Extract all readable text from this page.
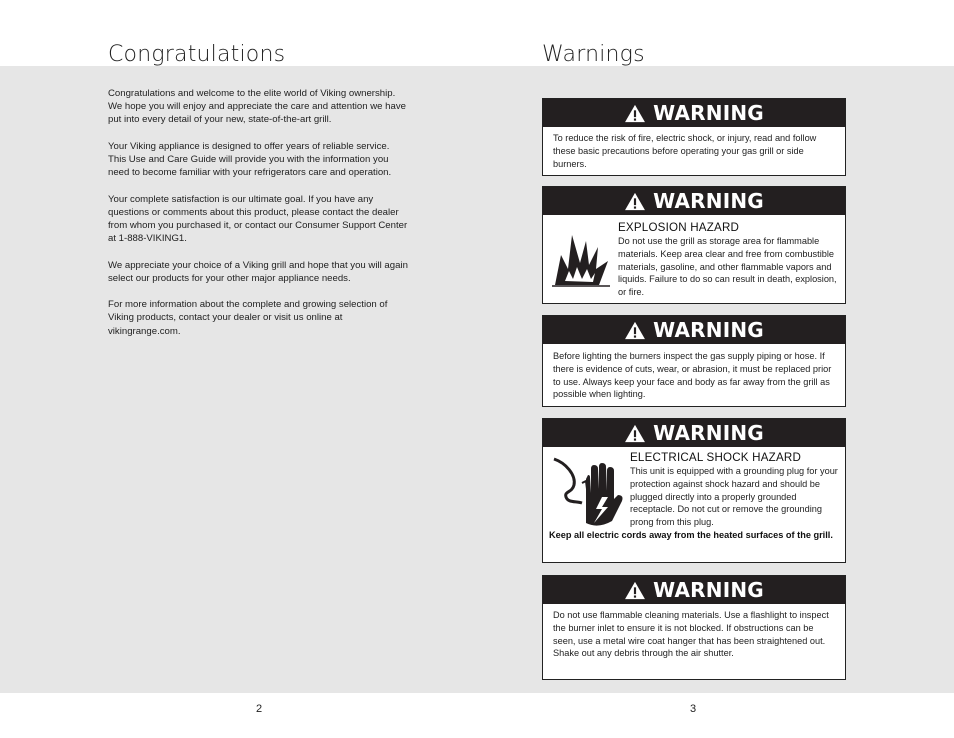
Congratulations

Congratulations and welcome to the elite world of Viking ownership. We hope you will enjoy and appreciate the care and attention we have put into every detail of your new, state-of-the-art grill.

Your Viking appliance is designed to offer years of reliable service. This Use and Care Guide will provide you with the information you need to become familiar with your refrigerators care and operation.

Your complete satisfaction is our ultimate goal. If you have any questions or comments about this product, please contact the dealer from whom you purchased it, or contact our Consumer Support Center at 1-888-VIKING1.

We appreciate your choice of a Viking grill and hope that you will again select our products for your other major appliance needs.

For more information about the complete and growing selection of Viking products, contact your dealer or visit us online at vikingrange.com.

2
Warnings
WARNING
To reduce the risk of fire, electric shock, or injury, read and follow these basic precautions before operating your gas grill or side burners.
WARNING
EXPLOSION HAZARD
Do not use the grill as storage area for flammable materials. Keep area clear and free from combustible materials, gasoline, and other flammable vapors and liquids. Failure to do so can result in death, explosion, or fire.
WARNING
Before lighting the burners inspect the gas supply piping or hose. If there is evidence of cuts, wear, or abrasion, it must be replaced prior to use. Always keep your face and body as far away from the grill as possible when lighting.
WARNING
ELECTRICAL SHOCK HAZARD
This unit is equipped with a grounding plug for your protection against shock hazard and should be plugged directly into a properly grounded receptacle. Do not cut or remove the grounding prong from this plug.
Keep all electric cords away from the heated surfaces of the grill.
WARNING
Do not use flammable cleaning materials. Use a flashlight to inspect the burner inlet to ensure it is not blocked. If obstructions can be seen, use a metal wire coat hanger that has been straightened out. Shake out any debris through the air shutter.
3
